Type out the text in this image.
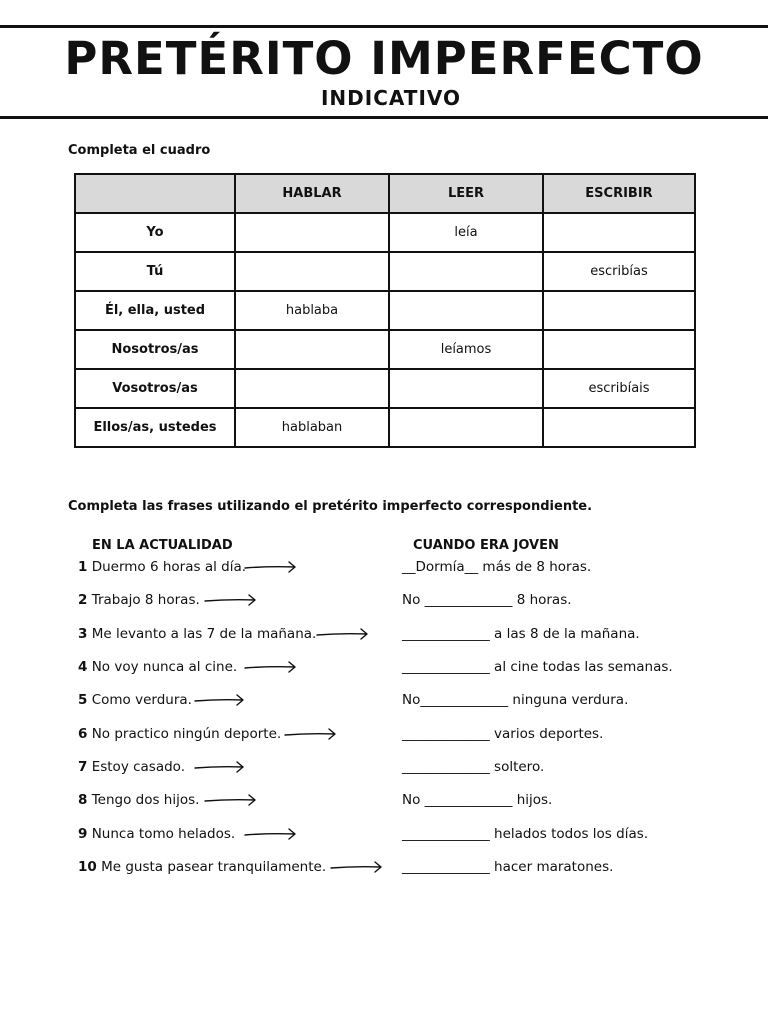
PRETÉRITO IMPERFECTO
INDICATIVO
Completa el cuadro
	HABLAR	LEER	ESCRIBIR
Yo		leía	
Tú			escribías
Él, ella, usted	hablaba		
Nosotros/as		leíamos	
Vosotros/as			escribíais
Ellos/as, ustedes	hablaban		
Completa las frases utilizando el pretérito imperfecto correspondiente.
EN LA ACTUALIDAD	CUANDO ERA JOVEN
1 Duermo 6 horas al día.	__Dormía__ más de 8 horas.
2 Trabajo 8 horas.	No _____________ 8 horas.
3 Me levanto a las 7 de la mañana.	_____________ a las 8 de la mañana.
4 No voy nunca al cine.	_____________ al cine todas las semanas.
5 Como verdura.	No_____________ ninguna verdura.
6 No practico ningún deporte.	_____________ varios deportes.
7 Estoy casado.	_____________ soltero.
8 Tengo dos hijos.	No _____________ hijos.
9 Nunca tomo helados.	_____________ helados todos los días.
10 Me gusta pasear tranquilamente.	_____________ hacer maratones.
